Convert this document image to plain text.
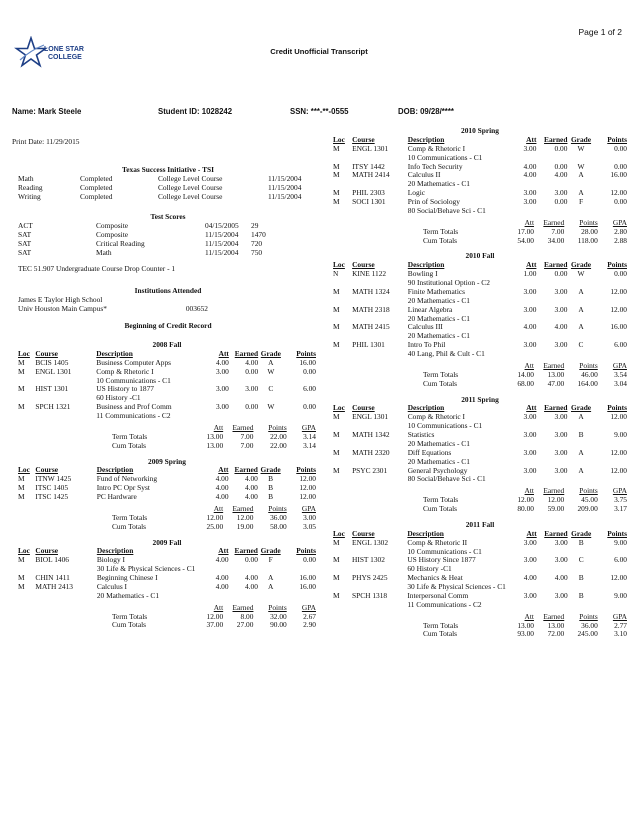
LONE STAR
COLLEGE
Page 1 of 2
Credit Unofficial Transcript
Name: Mark Steele	Student ID: 1028242	SSN: ***-**-0555	DOB: 09/28/****
Print Date: 11/29/2015
Texas Success Initiative - TSI
Math	Completed	College Level Course	11/15/2004
Reading	Completed	College Level Course	11/15/2004
Writing	Completed	College Level Course	11/15/2004
Test Scores
ACT	Composite	04/15/2005	29
SAT	Composite	11/15/2004	1470
SAT	Critical Reading	11/15/2004	720
SAT	Math	11/15/2004	750
TEC 51.907 Undergraduate Course Drop Counter - 1
Institutions Attended
James E Taylor High School	
Univ Houston Main Campus*	003652
Beginning of Credit Record
2008 Fall
Loc	Course	Description	Att	Earned	Grade	Points
M	BCIS 1405	Business Computer Apps	4.00	4.00	A	16.00
M	ENGL 1301	Comp & Rhetoric I	3.00	0.00	W	0.00
		10 Communications - C1				
M	HIST 1301	US History to 1877	3.00	3.00	C	6.00
		60 History -C1				
M	SPCH 1321	Business and Prof Comm	3.00	0.00	W	0.00
		11 Communications - C2				
	Att	Earned	Points	GPA
Term Totals	13.00	7.00	22.00	3.14
Cum Totals	13.00	7.00	22.00	3.14
2009 Spring
Loc	Course	Description	Att	Earned	Grade	Points
M	ITNW 1425	Fund of Networking	4.00	4.00	B	12.00
M	ITSC 1405	Intro PC Opr Syst	4.00	4.00	B	12.00
M	ITSC 1425	PC Hardware	4.00	4.00	B	12.00
	Att	Earned	Points	GPA
Term Totals	12.00	12.00	36.00	3.00
Cum Totals	25.00	19.00	58.00	3.05
2009 Fall
Loc	Course	Description	Att	Earned	Grade	Points
M	BIOL 1406	Biology I	4.00	0.00	F	0.00
		30 Life & Physical Sciences - C1				
M	CHIN 1411	Beginning Chinese I	4.00	4.00	A	16.00
M	MATH 2413	Calculus I	4.00	4.00	A	16.00
		20 Mathematics - C1				
	Att	Earned	Points	GPA
Term Totals	12.00	8.00	32.00	2.67
Cum Totals	37.00	27.00	90.00	2.90
2010 Spring
Loc	Course	Description	Att	Earned	Grade	Points
M	ENGL 1301	Comp & Rhetoric I	3.00	0.00	W	0.00
		10 Communications - C1				
M	ITSY 1442	Info Tech Security	4.00	0.00	W	0.00
M	MATH 2414	Calculus II	4.00	4.00	A	16.00
		20 Mathematics - C1				
M	PHIL 2303	Logic	3.00	3.00	A	12.00
M	SOCI 1301	Prin of Sociology	3.00	0.00	F	0.00
		80 Social/Behave Sci - C1				
	Att	Earned	Points	GPA
Term Totals	17.00	7.00	28.00	2.80
Cum Totals	54.00	34.00	118.00	2.88
2010 Fall
Loc	Course	Description	Att	Earned	Grade	Points
N	KINE 1122	Bowling I	1.00	0.00	W	0.00
		90 Institutional Option - C2				
M	MATH 1324	Finite Mathematics	3.00	3.00	A	12.00
		20 Mathematics - C1				
M	MATH 2318	Linear Algebra	3.00	3.00	A	12.00
		20 Mathematics - C1				
M	MATH 2415	Calculus III	4.00	4.00	A	16.00
		20 Mathematics - C1				
M	PHIL 1301	Intro To Phil	3.00	3.00	C	6.00
		40 Lang, Phil & Cult - C1				
	Att	Earned	Points	GPA
Term Totals	14.00	13.00	46.00	3.54
Cum Totals	68.00	47.00	164.00	3.04
2011 Spring
Loc	Course	Description	Att	Earned	Grade	Points
M	ENGL 1301	Comp & Rhetoric I	3.00	3.00	A	12.00
		10 Communications - C1				
M	MATH 1342	Statistics	3.00	3.00	B	9.00
		20 Mathematics - C1				
M	MATH 2320	Diff Equations	3.00	3.00	A	12.00
		20 Mathematics - C1				
M	PSYC 2301	General Psychology	3.00	3.00	A	12.00
		80 Social/Behave Sci - C1				
	Att	Earned	Points	GPA
Term Totals	12.00	12.00	45.00	3.75
Cum Totals	80.00	59.00	209.00	3.17
2011 Fall
Loc	Course	Description	Att	Earned	Grade	Points
M	ENGL 1302	Comp & Rhetoric II	3.00	3.00	B	9.00
		10 Communications - C1				
M	HIST 1302	US History Since 1877	3.00	3.00	C	6.00
		60 History -C1				
M	PHYS 2425	Mechanics & Heat	4.00	4.00	B	12.00
		30 Life & Physical Sciences - C1				
M	SPCH 1318	Interpersonal Comm	3.00	3.00	B	9.00
		11 Communications - C2				
	Att	Earned	Points	GPA
Term Totals	13.00	13.00	36.00	2.77
Cum Totals	93.00	72.00	245.00	3.10
